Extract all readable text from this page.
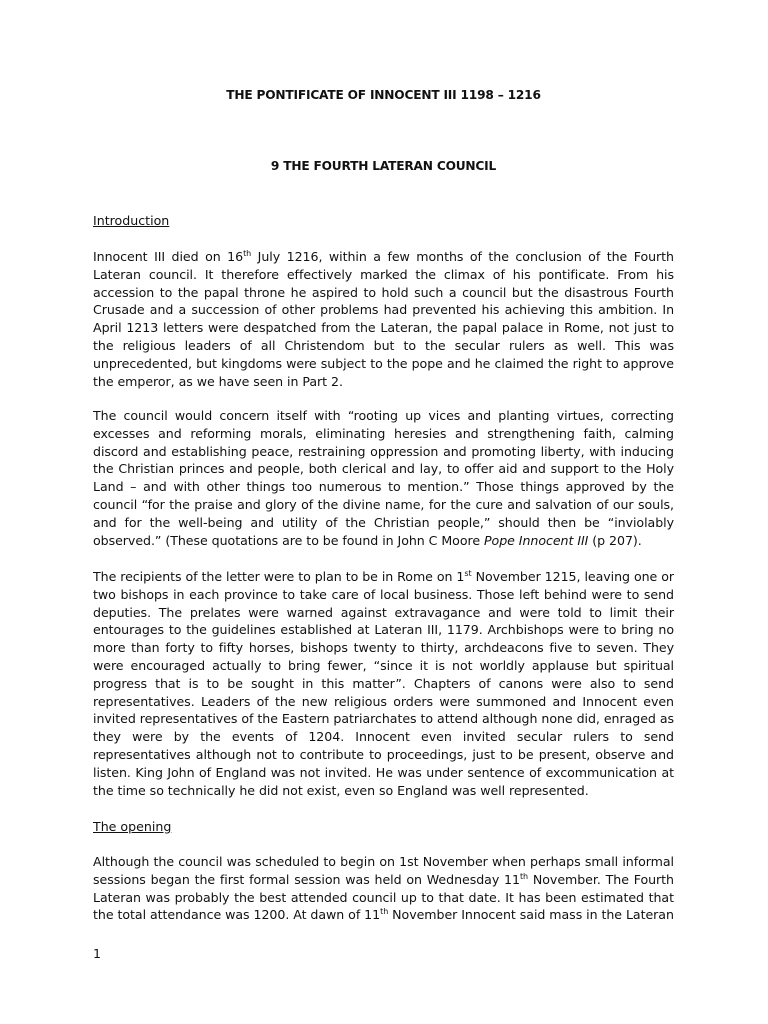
THE PONTIFICATE OF INNOCENT III 1198 – 1216
9 THE FOURTH LATERAN COUNCIL
Introduction

Innocent III died on 16th July 1216, within a few months of the conclusion of the Fourth Lateran council. It therefore effectively marked the climax of his pontificate. From his accession to the papal throne he aspired to hold such a council but the disastrous Fourth Crusade and a succession of other problems had prevented his achieving this ambition. In April 1213 letters were despatched from the Lateran, the papal palace in Rome, not just to the religious leaders of all Christendom but to the secular rulers as well. This was unprecedented, but kingdoms were subject to the pope and he claimed the right to approve the emperor, as we have seen in Part 2.

The council would concern itself with “rooting up vices and planting virtues, correcting excesses and reforming morals, eliminating heresies and strengthening faith, calming discord and establishing peace, restraining oppression and promoting liberty, with inducing the Christian princes and people, both clerical and lay, to offer aid and support to the Holy Land – and with other things too numerous to mention.” Those things approved by the council “for the praise and glory of the divine name, for the cure and salvation of our souls, and for the well-being and utility of the Christian people,” should then be “inviolably observed.” (These quotations are to be found in John C Moore Pope Innocent III (p 207).

The recipients of the letter were to plan to be in Rome on 1st November 1215, leaving one or two bishops in each province to take care of local business. Those left behind were to send deputies. The prelates were warned against extravagance and were told to limit their entourages to the guidelines established at Lateran III, 1179. Archbishops were to bring no more than forty to fifty horses, bishops twenty to thirty, archdeacons five to seven. They were encouraged actually to bring fewer, “since it is not worldly applause but spiritual progress that is to be sought in this matter”. Chapters of canons were also to send representatives. Leaders of the new religious orders were summoned and Innocent even invited representatives of the Eastern patriarchates to attend although none did, enraged as they were by the events of 1204. Innocent even invited secular rulers to send representatives although not to contribute to proceedings, just to be present, observe and listen. King John of England was not invited. He was under sentence of excommunication at the time so technically he did not exist, even so England was well represented.

The opening

Although the council was scheduled to begin on 1st November when perhaps small informal sessions began the first formal session was held on Wednesday 11th November. The Fourth Lateran was probably the best attended council up to that date. It has been estimated that the total attendance was 1200. At dawn of 11th November Innocent said mass in the Lateran

1
